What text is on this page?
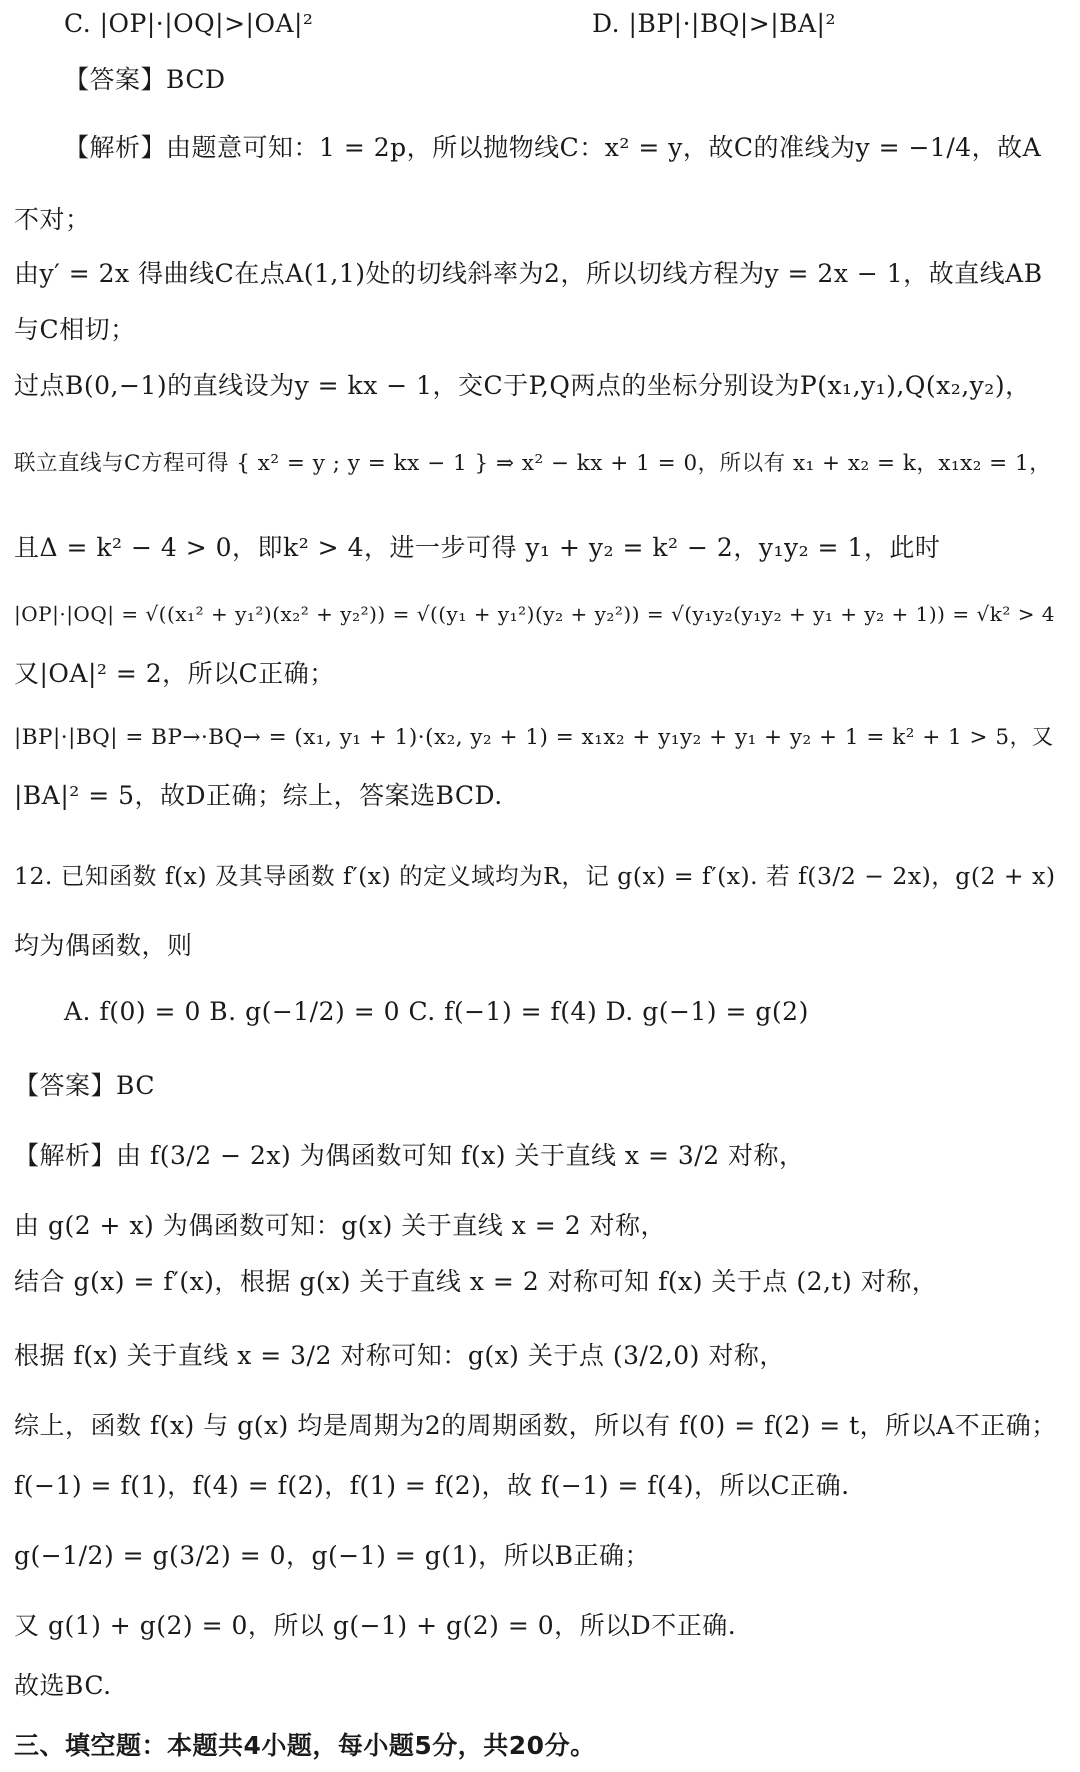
C. |OP|·|OQ|>|OA|²	D. |BP|·|BQ|>|BA|²
【答案】BCD
【解析】由题意可知：1 = 2p，所以抛物线C：x² = y，故C的准线为y = −1/4，故A
不对；
由y′ = 2x 得曲线C在点A(1,1)处的切线斜率为2，所以切线方程为y = 2x − 1，故直线AB
与C相切；
过点B(0,−1)的直线设为y = kx − 1，交C于P,Q两点的坐标分别设为P(x₁,y₁),Q(x₂,y₂)，
联立直线与C方程可得 { x² = y ; y = kx − 1 } ⇒ x² − kx + 1 = 0，所以有 x₁ + x₂ = k，x₁x₂ = 1，
且Δ = k² − 4 > 0，即k² > 4，进一步可得 y₁ + y₂ = k² − 2，y₁y₂ = 1，此时
|OP|·|OQ| = √((x₁² + y₁²)(x₂² + y₂²)) = √((y₁ + y₁²)(y₂ + y₂²)) = √(y₁y₂(y₁y₂ + y₁ + y₂ + 1)) = √k² > 4
又|OA|² = 2，所以C正确；
|BP|·|BQ| = BP→·BQ→ = (x₁, y₁ + 1)·(x₂, y₂ + 1) = x₁x₂ + y₁y₂ + y₁ + y₂ + 1 = k² + 1 > 5，又
|BA|² = 5，故D正确；综上，答案选BCD.
12. 已知函数 f(x) 及其导函数 f′(x) 的定义域均为R，记 g(x) = f′(x). 若 f(3/2 − 2x)，g(2 + x)
均为偶函数，则
A. f(0) = 0 B. g(−1/2) = 0 C. f(−1) = f(4) D. g(−1) = g(2)
【答案】BC
【解析】由 f(3/2 − 2x) 为偶函数可知 f(x) 关于直线 x = 3/2 对称，
由 g(2 + x) 为偶函数可知：g(x) 关于直线 x = 2 对称，
结合 g(x) = f′(x)，根据 g(x) 关于直线 x = 2 对称可知 f(x) 关于点 (2,t) 对称，
根据 f(x) 关于直线 x = 3/2 对称可知：g(x) 关于点 (3/2,0) 对称，
综上，函数 f(x) 与 g(x) 均是周期为2的周期函数，所以有 f(0) = f(2) = t，所以A不正确；
f(−1) = f(1)，f(4) = f(2)，f(1) = f(2)，故 f(−1) = f(4)，所以C正确.
g(−1/2) = g(3/2) = 0，g(−1) = g(1)，所以B正确；
又 g(1) + g(2) = 0，所以 g(−1) + g(2) = 0，所以D不正确.
故选BC.
三、填空题：本题共4小题，每小题5分，共20分。
